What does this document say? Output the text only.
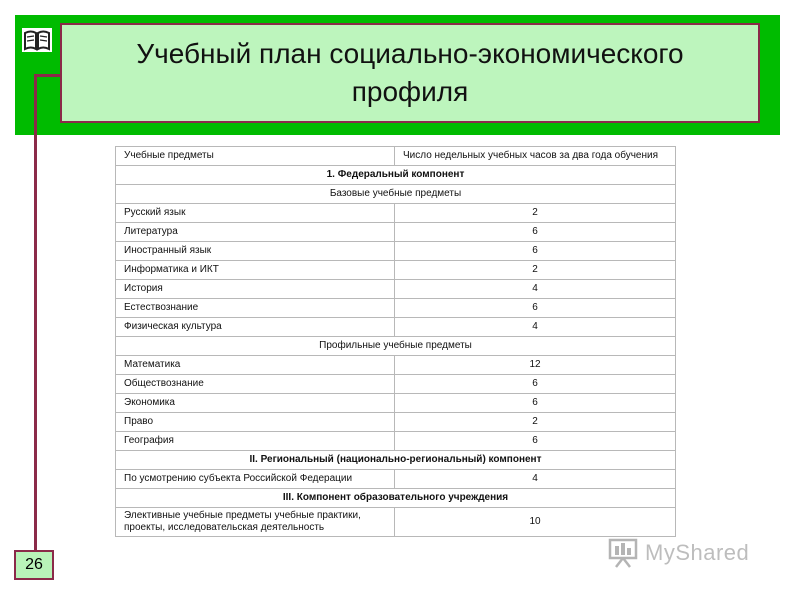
Учебный план социально-экономического профиля
Учебные предметы	Число недельных учебных часов за два года обучения
1. Федеральный компонент	
Базовые учебные предметы	
Русский язык	2
Литература	6
Иностранный язык	6
Информатика и ИКТ	2
История	4
Естествознание	6
Физическая культура	4
Профильные учебные предметы	
Математика	12
Обществознание	6
Экономика	6
Право	2
География	6
II. Региональный (национально-региональный) компонент	
По усмотрению субъекта Российской Федерации	4
III. Компонент образовательного учреждения	
Элективные учебные предметы учебные практики, проекты, исследовательская деятельность	10
26	MyShared
